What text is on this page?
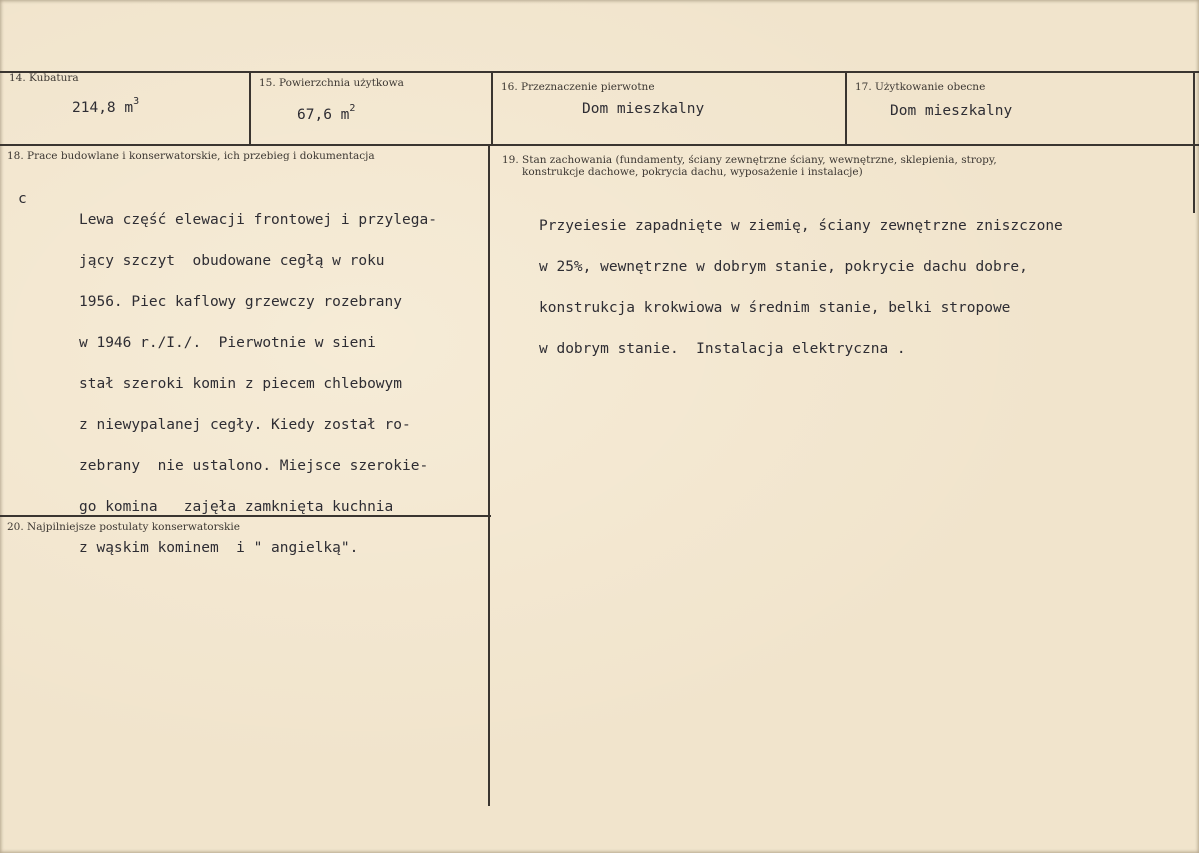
14. Kubatura
214,8 $m^3$
15. Powierzchnia użytkowa
67,6 $m^2$
16. Przeznaczenie pierwotne
Dom mieszkalny
17. Użytkowanie obecne
Dom mieszkalny
18. Prace budowlane i konserwatorskie, ich przebieg i dokumentacja
c

Lewa część elewacji frontowej i przylega-

jący szczyt  obudowane cegłą w roku

1956. Piec kaflowy grzewczy rozebrany

w 1946 r./I./.  Pierwotnie w sieni

stał szeroki komin z piecem chlebowym

z niewypalanej cegły. Kiedy został ro-

zebrany  nie ustalono. Miejsce szerokie-

go komina   zajęła zamknięta kuchnia

z wąskim kominem  i " angielką".

19. Stan zachowania (fundamenty, ściany zewnętrzne ściany, wewnętrzne, sklepienia, stropy,
konstrukcje dachowe, pokrycia dachu, wyposażenie i instalacje)

Przyeiesie zapadnięte w ziemię, ściany zewnętrzne zniszczone

w 25%, wewnętrzne w dobrym stanie, pokrycie dachu dobre,

konstrukcja krokwiowa w średnim stanie, belki stropowe

w dobrym stanie.  Instalacja elektryczna .

20. Najpilniejsze postulaty konserwatorskie
